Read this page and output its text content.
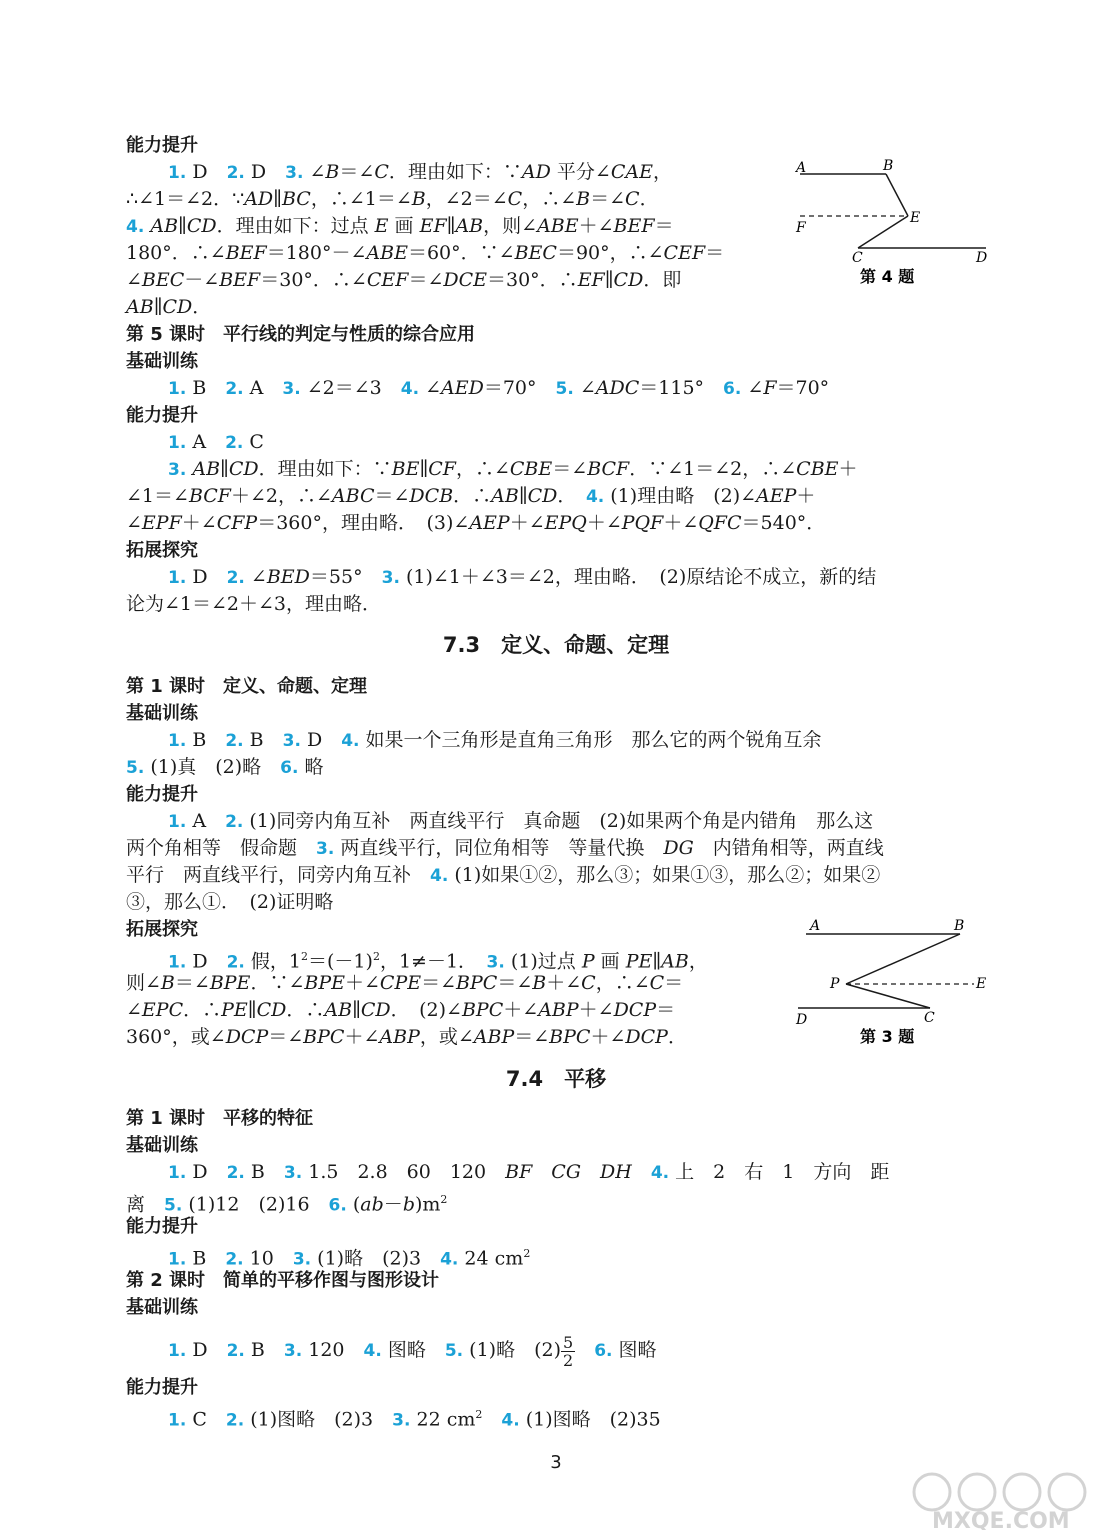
能力提升
1. D　2. D　3. ∠B＝∠C．理由如下：∵AD 平分∠CAE，
∴∠1＝∠2．∵AD∥BC，∴∠1＝∠B，∠2＝∠C，∴∠B＝∠C．
4. AB∥CD．理由如下：过点 E 画 EF∥AB，则∠ABE＋∠BEF＝
180°．∴∠BEF＝180°－∠ABE＝60°．∵∠BEC＝90°，∴∠CEF＝
∠BEC－∠BEF＝30°．∴∠CEF＝∠DCE＝30°．∴EF∥CD．即
AB∥CD．
A	B
E
F
C	D
第 4 题
第 5 课时　平行线的判定与性质的综合应用
基础训练
1. B　2. A　3. ∠2＝∠3　4. ∠AED＝70°　5. ∠ADC＝115°　6. ∠F＝70°
能力提升
1. A　2. C
3. AB∥CD．理由如下：∵BE∥CF，∴∠CBE＝∠BCF．∵∠1＝∠2，∴∠CBE＋
∠1＝∠BCF＋∠2，∴∠ABC＝∠DCB．∴AB∥CD．　4. (1)理由略　(2)∠AEP＋
∠EPF＋∠CFP＝360°，理由略．　(3)∠AEP＋∠EPQ＋∠PQF＋∠QFC＝540°．
拓展探究
1. D　2. ∠BED＝55°　3. (1)∠1＋∠3＝∠2，理由略．　(2)原结论不成立，新的结
论为∠1＝∠2＋∠3，理由略．
7.3　定义、命题、定理
第 1 课时　定义、命题、定理
基础训练
1. B　2. B　3. D　4. 如果一个三角形是直角三角形　那么它的两个锐角互余
5. (1)真　(2)略　6. 略
能力提升
1. A　2. (1)同旁内角互补　两直线平行　真命题　(2)如果两个角是内错角　那么这
两个角相等　假命题　3. 两直线平行，同位角相等　等量代换　DG　内错角相等，两直线
平行　两直线平行，同旁内角互补　4. (1)如果①②，那么③；如果①③，那么②；如果②
③，那么①．　(2)证明略
拓展探究
1. D　2. 假，$1^2=(-1)^2$，1≠－1．　3. (1)过点 P 画 PE∥AB，
则∠B＝∠BPE．∵∠BPE＋∠CPE＝∠BPC＝∠B＋∠C，∴∠C＝
∠EPC．∴PE∥CD．∴AB∥CD．　(2)∠BPC＋∠ABP＋∠DCP＝
360°，或∠DCP＝∠BPC＋∠ABP，或∠ABP＝∠BPC＋∠DCP．
A	B
P	E
D	C
第 3 题
7.4　平移
第 1 课时　平移的特征
基础训练
1. D　2. B　3. 1.5　2.8　60　120　BF　 CG　 DH　 4. 上　2　右　1　方向　距
离　5. (1)12　(2)16　6. $(ab-b)m^2$
能力提升
1. B　2. 10　3. (1)略　(2)3　4. 24 $cm^2$
第 2 课时　简单的平移作图与图形设计
基础训练
1. D　2. B　3. 120　4. 图略　5. (1)略　$(2) \frac{5}{2}$
　 6. 图略
能力提升
1. C　2. (1)图略　(2)3　3. 22 $cm^2$　 4. (1)图略　(2)35
3
MXQE.COM
